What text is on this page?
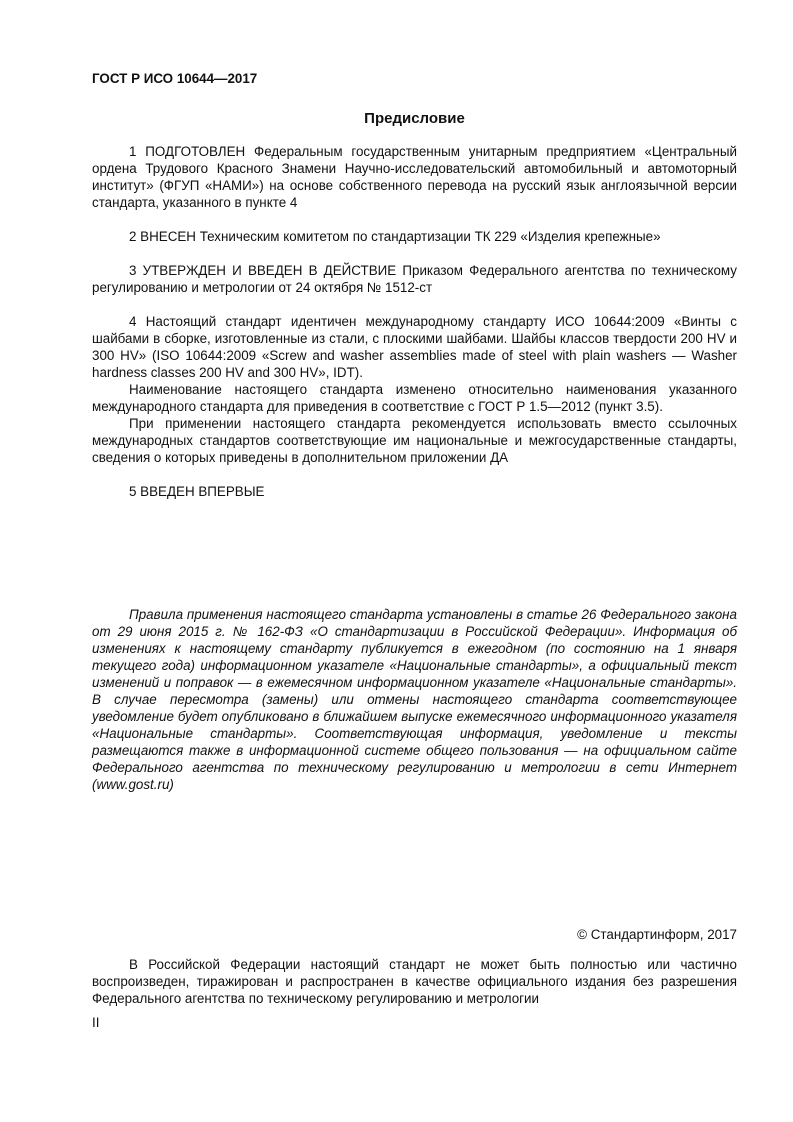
ГОСТ Р ИСО 10644—2017
Предисловие

1 ПОДГОТОВЛЕН Федеральным государственным унитарным предприятием «Центральный ордена Трудового Красного Знамени Научно-исследовательский автомобильный и автомоторный институт» (ФГУП «НАМИ») на основе собственного перевода на русский язык англоязычной версии стандарта, указанного в пункте 4

2 ВНЕСЕН Техническим комитетом по стандартизации ТК 229 «Изделия крепежные»

3 УТВЕРЖДЕН И ВВЕДЕН В ДЕЙСТВИЕ Приказом Федерального агентства по техническому регулированию и метрологии от 24 октября № 1512-ст

4 Настоящий стандарт идентичен международному стандарту ИСО 10644:2009 «Винты с шайбами в сборке, изготовленные из стали, с плоскими шайбами. Шайбы классов твердости 200 HV и 300 HV» (ISO 10644:2009 «Screw and washer assemblies made of steel with plain washers — Washer hardness classes 200 HV and 300 HV», IDT).

Наименование настоящего стандарта изменено относительно наименования указанного международного стандарта для приведения в соответствие с ГОСТ Р 1.5—2012 (пункт 3.5).

При применении настоящего стандарта рекомендуется использовать вместо ссылочных международных стандартов соответствующие им национальные и межгосударственные стандарты, сведения о которых приведены в дополнительном приложении ДА

5 ВВЕДЕН ВПЕРВЫЕ

Правила применения настоящего стандарта установлены в статье 26 Федерального закона от 29 июня 2015 г. № 162-ФЗ «О стандартизации в Российской Федерации». Информация об изменениях к настоящему стандарту публикуется в ежегодном (по состоянию на 1 января текущего года) информационном указателе «Национальные стандарты», а официальный текст изменений и поправок — в ежемесячном информационном указателе «Национальные стандарты». В случае пересмотра (замены) или отмены настоящего стандарта соответствующее уведомление будет опубликовано в ближайшем выпуске ежемесячного информационного указателя «Национальные стандарты». Соответствующая информация, уведомление и тексты размещаются также в информационной системе общего пользования — на официальном сайте Федерального агентства по техническому регулированию и метрологии в сети Интернет (www.gost.ru)

© Стандартинформ, 2017

В Российской Федерации настоящий стандарт не может быть полностью или частично воспроизведен, тиражирован и распространен в качестве официального издания без разрешения Федерального агентства по техническому регулированию и метрологии

II
